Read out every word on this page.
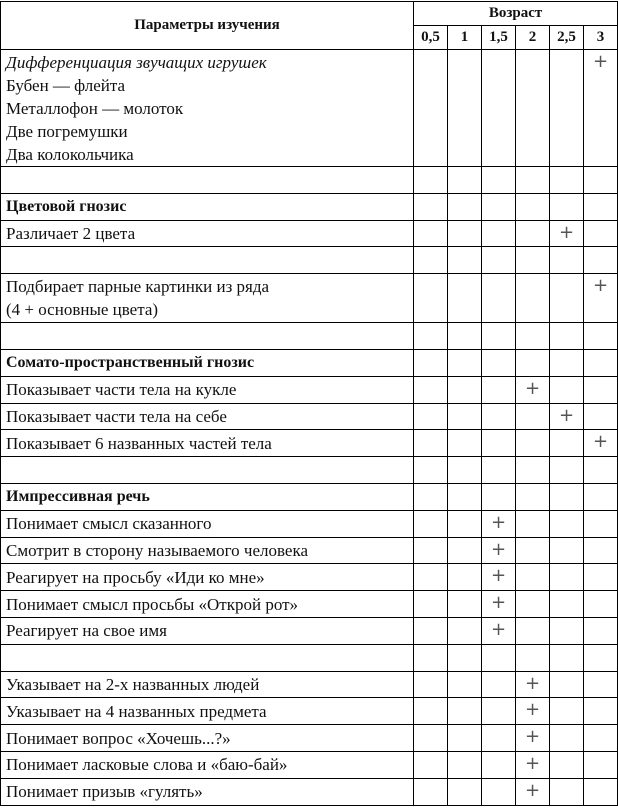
Параметры изучения	Возраст					
	0,5	1	1,5	2	2,5	3

Дифференциация звучащих игрушек
Бубен — флейта
Металлофон — молоток
Две погремушки
Два колокольчика						+

Цветовой гнозис						
Различает 2 цвета					+	

Подбирает парные картинки из ряда
(4 + основные цвета)						+

Сомато-пространственный гнозис						
Показывает части тела на кукле				+		
Показывает части тела на себе					+	
Показывает 6 названных частей тела						+

Импрессивная речь						
Понимает смысл сказанного			+			
Смотрит в сторону называемого человека			+			
Реагирует на просьбу «Иди ко мне»			+			
Понимает смысл просьбы «Открой рот»			+			
Реагирует на свое имя			+			

Указывает на 2-х названных людей				+		
Указывает на 4 названных предмета				+		
Понимает вопрос «Хочешь...?»				+		
Понимает ласковые слова и «баю-бай»				+		
Понимает призыв «гулять»				+		
